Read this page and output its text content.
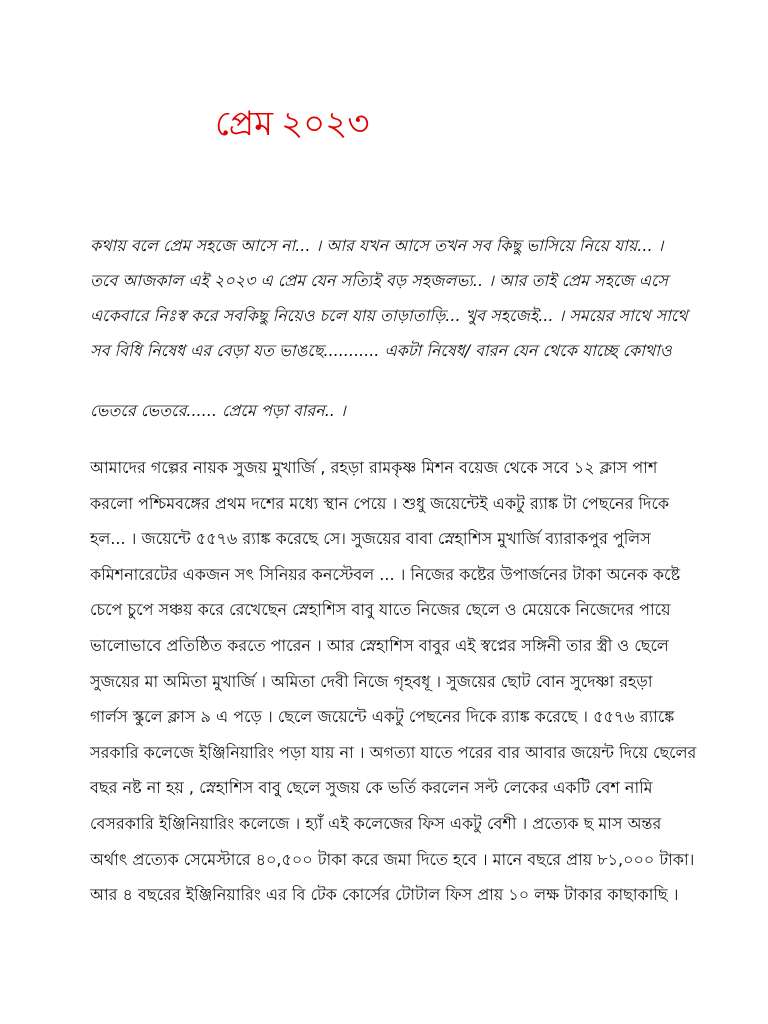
প্রেম ২০২৩

কথায় বলে প্রেম সহজে আসে না... । আর যখন আসে তখন সব কিছু ভাসিয়ে নিয়ে যায়... ।

তবে আজকাল এই ২০২৩ এ প্রেম যেন সত্যিই বড় সহজলভ্য.. । আর তাই প্রেম সহজে এসে

একেবারে নিঃস্ব করে সবকিছু নিয়েও চলে যায় তাড়াতাড়ি... খুব সহজেই... । সময়ের সাথে সাথে

সব বিধি নিষেধ এর বেড়া যত ভাঙছে........... একটা নিষেধ/ বারন যেন থেকে যাচ্ছে কোথাও

ভেতরে ভেতরে...... প্রেমে পড়া বারন.. ।

আমাদের গল্পের নায়ক সুজয় মুখার্জি , রহড়া রামকৃষ্ণ মিশন বয়েজ থেকে সবে ১২ ক্লাস পাশ

করলো পশ্চিমবঙ্গের প্রথম দশের মধ্যে স্থান পেয়ে । শুধু জয়েন্টেই একটু র‍্যাঙ্ক টা পেছনের দিকে

হল... । জয়েন্টে ৫৫৭৬ র‍্যাঙ্ক করেছে সে। সুজয়ের বাবা স্নেহাশিস মুখার্জি ব্যারাকপুর পুলিস

কমিশনারেটের একজন সৎ সিনিয়র কনস্টেবল ... । নিজের কষ্টের উপার্জনের টাকা অনেক কষ্টে

চেপে চুপে সঞ্চয় করে রেখেছেন স্নেহাশিস বাবু যাতে নিজের ছেলে ও মেয়েকে নিজেদের পায়ে

ভালোভাবে প্রতিষ্ঠিত করতে পারেন । আর স্নেহাশিস বাবুর এই স্বপ্নের সঙ্গিনী তার স্ত্রী ও ছেলে

সুজয়ের মা অমিতা মুখার্জি । অমিতা দেবী নিজে গৃহবধূ । সুজয়ের ছোট বোন সুদেষ্ণা রহড়া

গার্লস স্কুলে ক্লাস ৯ এ পড়ে । ছেলে জয়েন্টে একটু পেছনের দিকে র‍্যাঙ্ক করেছে । ৫৫৭৬ র‍্যাঙ্কে

সরকারি কলেজে ইঞ্জিনিয়ারিং পড়া যায় না । অগত্যা যাতে পরের বার আবার জয়েন্ট দিয়ে ছেলের

বছর নষ্ট না হয় , স্নেহাশিস বাবু ছেলে সুজয় কে ভর্তি করলেন সল্ট লেকের একটি বেশ নামি

বেসরকারি ইঞ্জিনিয়ারিং কলেজে । হ্যাঁ এই কলেজের ফিস একটু বেশী । প্রত্যেক ছ মাস অন্তর

অর্থাৎ প্রত্যেক সেমেস্টারে ৪০,৫০০ টাকা করে জমা দিতে হবে । মানে বছরে প্রায় ৮১,০০০ টাকা।

আর ৪ বছরের ইঞ্জিনিয়ারিং এর বি টেক কোর্সের টোটাল ফিস প্রায় ১০ লক্ষ টাকার কাছাকাছি ।
